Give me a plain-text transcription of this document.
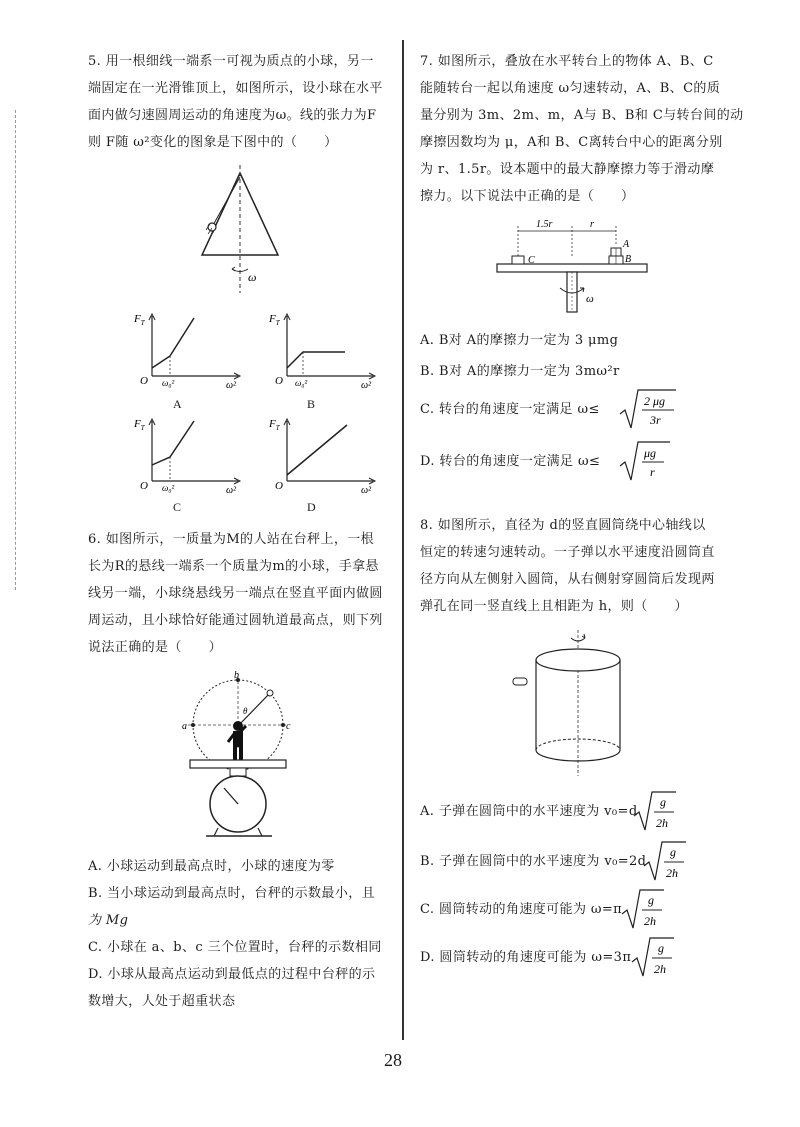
5. 用一根细线一端系一可视为质点的小球，另一
端固定在一光滑锥顶上，如图所示，设小球在水平
面内做匀速圆周运动的角速度为ω。线的张力为F
则 F随 ω²变化的图象是下图中的（　　）
ω
$F_T$
O ω₀²	ω²
A
$F_T$
O ω₀²	ω²
B
$F_T$
O ω₀²	ω²
C
$F_T$
O	ω²
D
6. 如图所示，一质量为M的人站在台秤上，一根
长为R的悬线一端系一个质量为m的小球，手拿悬
线另一端，小球绕悬线另一端点在竖直平面内做圆
周运动，且小球恰好能通过圆轨道最高点，则下列
说法正确的是（　　）
b
a	c
θ
A. 小球运动到最高点时，小球的速度为零
B. 当小球运动到最高点时，台秤的示数最小，且
为 Mg
C. 小球在 a、b、c 三个位置时，台秤的示数相同
D. 小球从最高点运动到最低点的过程中台秤的示
数增大，人处于超重状态
7. 如图所示，叠放在水平转台上的物体 A、B、C
能随转台一起以角速度 ω匀速转动，A、B、C的质
量分别为 3m、2m、m，A与 B、B和 C与转台间的动
摩擦因数均为 μ，A和 B、C离转台中心的距离分别
为 r、1.5r。设本题中的最大静摩擦力等于滑动摩
擦力。以下说法中正确的是（　　）
1.5r	r
C
A
B
ω
A. B对 A的摩擦力一定为 3 μmg
B. B对 A的摩擦力一定为 3mω²r
C. 转台的角速度一定满足 ω≤
2 μg
3r
D. 转台的角速度一定满足 ω≤
μg
r
8. 如图所示，直径为 d的竖直圆筒绕中心轴线以
恒定的转速匀速转动。一子弹以水平速度沿圆筒直
径方向从左侧射入圆筒，从右侧射穿圆筒后发现两
弹孔在同一竖直线上且相距为 h，则（　　）
A. 子弹在圆筒中的水平速度为 v₀=d
g
2h
B. 子弹在圆筒中的水平速度为 v₀=2d
g
2h
C. 圆筒转动的角速度可能为 ω=π
g
2h
D. 圆筒转动的角速度可能为 ω=3π
g
2h
28
